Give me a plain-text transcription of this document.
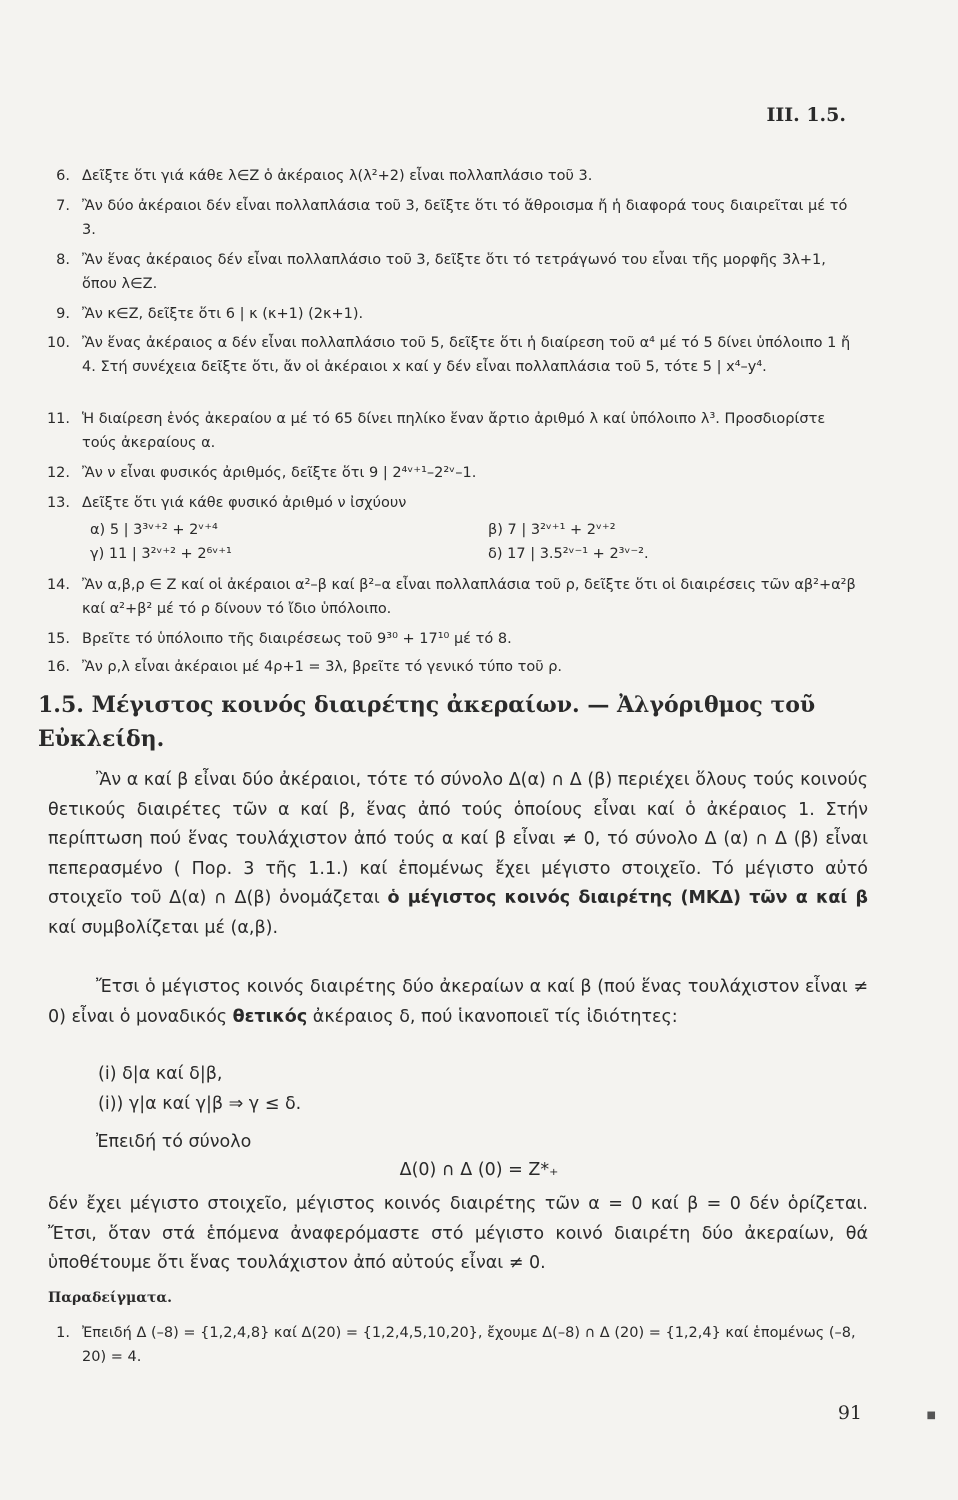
III. 1.5.
6. Δεῖξτε ὅτι γιά κάθε λ∈Z ὁ ἀκέραιος λ(λ²+2) εἶναι πολλαπλάσιο τοῦ 3.
7. Ἂν δύο ἀκέραιοι δέν εἶναι πολλαπλάσια τοῦ 3, δεῖξτε ὅτι τό ἄθροισμα ἤ ἡ διαφορά τους διαιρεῖται μέ τό 3.
8. Ἂν ἕνας ἀκέραιος δέν εἶναι πολλαπλάσιο τοῦ 3, δεῖξτε ὅτι τό τετράγωνό του εἶναι τῆς μορφῆς 3λ+1, ὅπου λ∈Z.
9. Ἂν κ∈Z, δεῖξτε ὅτι 6 | κ (κ+1) (2κ+1).
10. Ἂν ἕνας ἀκέραιος α δέν εἶναι πολλαπλάσιο τοῦ 5, δεῖξτε ὅτι ἡ διαίρεση τοῦ α⁴ μέ τό 5 δίνει ὑπόλοιπο 1 ἤ 4. Στή συνέχεια δεῖξτε ὅτι, ἄν οἱ ἀκέραιοι x καί y δέν εἶναι πολλαπλάσια τοῦ 5, τότε 5 | x⁴–y⁴.
11. Ἡ διαίρεση ἑνός ἀκεραίου α μέ τό 65 δίνει πηλίκο ἕναν ἄρτιο ἀριθμό λ καί ὑπόλοιπο λ³. Προσδιορίστε τούς ἀκεραίους α.
12. Ἂν ν εἶναι φυσικός ἀριθμός, δεῖξτε ὅτι 9 | 2⁴ᵛ⁺¹–2²ᵛ–1.
13. Δεῖξτε ὅτι γιά κάθε φυσικό ἀριθμό ν ἰσχύουν
α) 5 | 3³ᵛ⁺² + 2ᵛ⁺⁴	β) 7 | 3²ᵛ⁺¹ + 2ᵛ⁺²
γ) 11 | 3²ᵛ⁺² + 2⁶ᵛ⁺¹	δ) 17 | 3.5²ᵛ⁻¹ + 2³ᵛ⁻².
14. Ἂν α,β,ρ ∈ Z καί οἱ ἀκέραιοι α²–β καί β²–α εἶναι πολλαπλάσια τοῦ ρ, δεῖξτε ὅτι οἱ διαιρέσεις τῶν αβ²+α²β καί α²+β² μέ τό ρ δίνουν τό ἴδιο ὑπόλοιπο.
15. Βρεῖτε τό ὑπόλοιπο τῆς διαιρέσεως τοῦ 9³⁰ + 17¹⁰ μέ τό 8.
16. Ἂν ρ,λ εἶναι ἀκέραιοι μέ 4ρ+1 = 3λ, βρεῖτε τό γενικό τύπο τοῦ ρ.
1.5. Μέγιστος κοινός διαιρέτης ἀκεραίων. — Ἀλγόριθμος τοῦ Εὐκλείδη.
Ἂν α καί β εἶναι δύο ἀκέραιοι, τότε τό σύνολο Δ(α) ∩ Δ (β) περιέχει ὅλους τούς κοινούς θετικούς διαιρέτες τῶν α καί β, ἕνας ἀπό τούς ὁποίους εἶναι καί ὁ ἀκέραιος 1. Στήν περίπτωση πού ἕνας τουλάχιστον ἀπό τούς α καί β εἶναι ≠ 0, τό σύνολο Δ (α) ∩ Δ (β) εἶναι πεπερασμένο ( Πορ. 3 τῆς 1.1.) καί ἑπομένως ἔχει μέγιστο στοιχεῖο. Τό μέγιστο αὐτό στοιχεῖο τοῦ Δ(α) ∩ Δ(β) ὀνομάζεται ὁ μέγιστος κοινός διαιρέτης (ΜΚΔ) τῶν α καί β καί συμβολίζεται μέ (α,β).
Ἔτσι ὁ μέγιστος κοινός διαιρέτης δύο ἀκεραίων α καί β (πού ἕνας τουλάχιστον εἶναι ≠ 0) εἶναι ὁ μοναδικός θετικός ἀκέραιος δ, πού ἱκανοποιεῖ τίς ἰδιότητες:
(i) δ|α καί δ|β,
(i)) γ|α καί γ|β ⇒ γ ≤ δ.
Ἐπειδή τό σύνολο
Δ(0) ∩ Δ (0) = Z*₊
δέν ἔχει μέγιστο στοιχεῖο, μέγιστος κοινός διαιρέτης τῶν α = 0 καί β = 0 δέν ὁρίζεται. Ἔτσι, ὅταν στά ἑπόμενα ἀναφερόμαστε στό μέγιστο κοινό διαιρέτη δύο ἀκεραίων, θά ὑποθέτουμε ὅτι ἕνας τουλάχιστον ἀπό αὐτούς εἶναι ≠ 0.
Παραδείγματα.
1. Ἐπειδή Δ (–8) = {1,2,4,8} καί Δ(20) = {1,2,4,5,10,20}, ἔχουμε Δ(–8) ∩ Δ (20) = {1,2,4} καί ἑπομένως (–8, 20) = 4.
91	■
